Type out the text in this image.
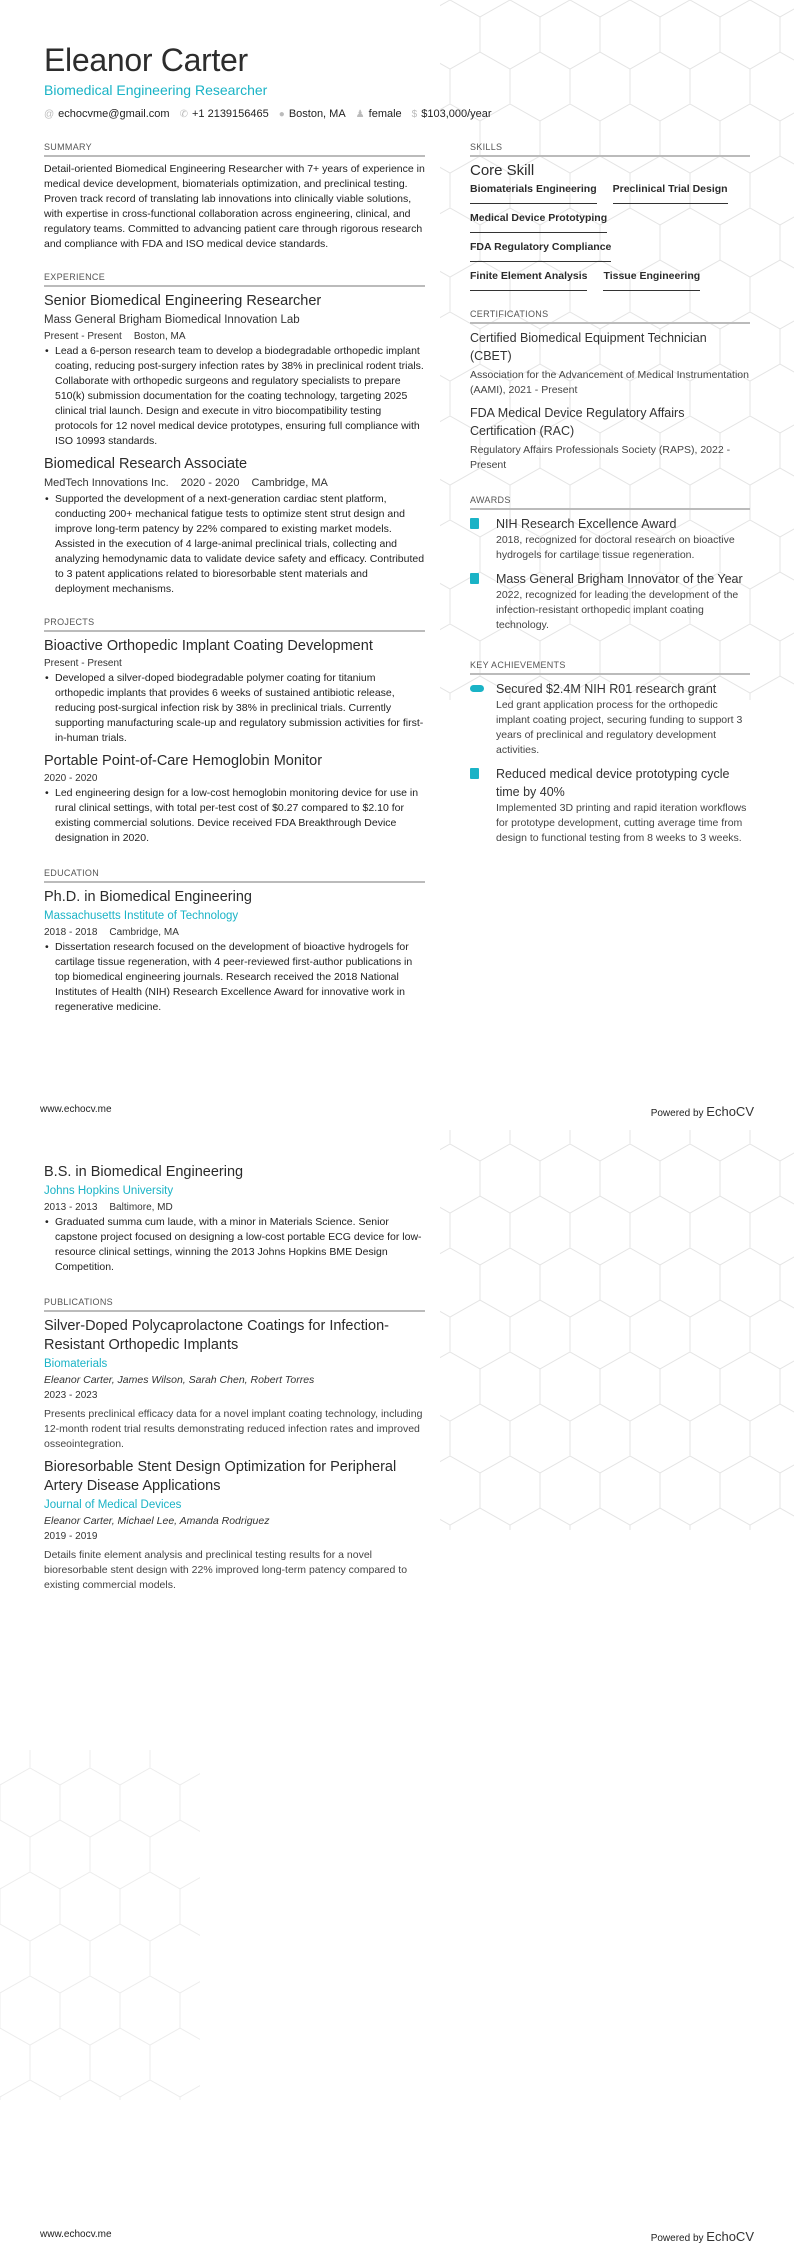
Eleanor Carter
Biomedical Engineering Researcher
@ echocvme@gmail.com ✆ +1 2139156465 ● Boston, MA ♟ female $ $103,000/year
SUMMARY
Detail-oriented Biomedical Engineering Researcher with 7+ years of experience in medical device development, biomaterials optimization, and preclinical testing. Proven track record of translating lab innovations into clinically viable solutions, with expertise in cross-functional collaboration across engineering, clinical, and regulatory teams. Committed to advancing patient care through rigorous research and compliance with FDA and ISO medical device standards.
EXPERIENCE
Senior Biomedical Engineering Researcher
Mass General Brigham Biomedical Innovation Lab
Present - Present Boston, MA
• Lead a 6-person research team to develop a biodegradable orthopedic implant coating, reducing post-surgery infection rates by 38% in preclinical rodent trials. Collaborate with orthopedic surgeons and regulatory specialists to prepare 510(k) submission documentation for the coating technology, targeting 2025 clinical trial launch. Design and execute in vitro biocompatibility testing protocols for 12 novel medical device prototypes, ensuring full compliance with ISO 10993 standards.
Biomedical Research Associate
MedTech Innovations Inc. 2020 - 2020 Cambridge, MA
• Supported the development of a next-generation cardiac stent platform, conducting 200+ mechanical fatigue tests to optimize stent strut design and improve long-term patency by 22% compared to existing market models. Assisted in the execution of 4 large-animal preclinical trials, collecting and analyzing hemodynamic data to validate device safety and efficacy. Contributed to 3 patent applications related to bioresorbable stent materials and deployment mechanisms.
PROJECTS
Bioactive Orthopedic Implant Coating Development
Present - Present
• Developed a silver-doped biodegradable polymer coating for titanium orthopedic implants that provides 6 weeks of sustained antibiotic release, reducing post-surgical infection risk by 38% in preclinical trials. Currently supporting manufacturing scale-up and regulatory submission activities for first-in-human trials.
Portable Point-of-Care Hemoglobin Monitor
2020 - 2020
• Led engineering design for a low-cost hemoglobin monitoring device for use in rural clinical settings, with total per-test cost of $0.27 compared to $2.10 for existing commercial solutions. Device received FDA Breakthrough Device designation in 2020.
EDUCATION
Ph.D. in Biomedical Engineering
Massachusetts Institute of Technology
2018 - 2018 Cambridge, MA
• Dissertation research focused on the development of bioactive hydrogels for cartilage tissue regeneration, with 4 peer-reviewed first-author publications in top biomedical engineering journals. Research received the 2018 National Institutes of Health (NIH) Research Excellence Award for innovative work in regenerative medicine.
SKILLS
Core Skill
Biomaterials Engineering Preclinical Trial Design
Medical Device Prototyping
FDA Regulatory Compliance
Finite Element Analysis Tissue Engineering
CERTIFICATIONS
Certified Biomedical Equipment Technician (CBET)
Association for the Advancement of Medical Instrumentation (AAMI), 2021 - Present
FDA Medical Device Regulatory Affairs Certification (RAC)
Regulatory Affairs Professionals Society (RAPS), 2022 - Present
AWARDS
NIH Research Excellence Award
2018, recognized for doctoral research on bioactive hydrogels for cartilage tissue regeneration.
Mass General Brigham Innovator of the Year
2022, recognized for leading the development of the infection-resistant orthopedic implant coating technology.
KEY ACHIEVEMENTS
Secured $2.4M NIH R01 research grant
Led grant application process for the orthopedic implant coating project, securing funding to support 3 years of preclinical and regulatory development activities.
Reduced medical device prototyping cycle time by 40%
Implemented 3D printing and rapid iteration workflows for prototype development, cutting average time from design to functional testing from 8 weeks to 3 weeks.
www.echocv.me	Powered by EchoCV
B.S. in Biomedical Engineering
Johns Hopkins University
2013 - 2013 Baltimore, MD
• Graduated summa cum laude, with a minor in Materials Science. Senior capstone project focused on designing a low-cost portable ECG device for low-resource clinical settings, winning the 2013 Johns Hopkins BME Design Competition.
PUBLICATIONS
Silver-Doped Polycaprolactone Coatings for Infection-Resistant Orthopedic Implants
Biomaterials
Eleanor Carter, James Wilson, Sarah Chen, Robert Torres
2023 - 2023
Presents preclinical efficacy data for a novel implant coating technology, including 12-month rodent trial results demonstrating reduced infection rates and improved osseointegration.
Bioresorbable Stent Design Optimization for Peripheral Artery Disease Applications
Journal of Medical Devices
Eleanor Carter, Michael Lee, Amanda Rodriguez
2019 - 2019
Details finite element analysis and preclinical testing results for a novel bioresorbable stent design with 22% improved long-term patency compared to existing commercial models.
www.echocv.me	Powered by EchoCV
